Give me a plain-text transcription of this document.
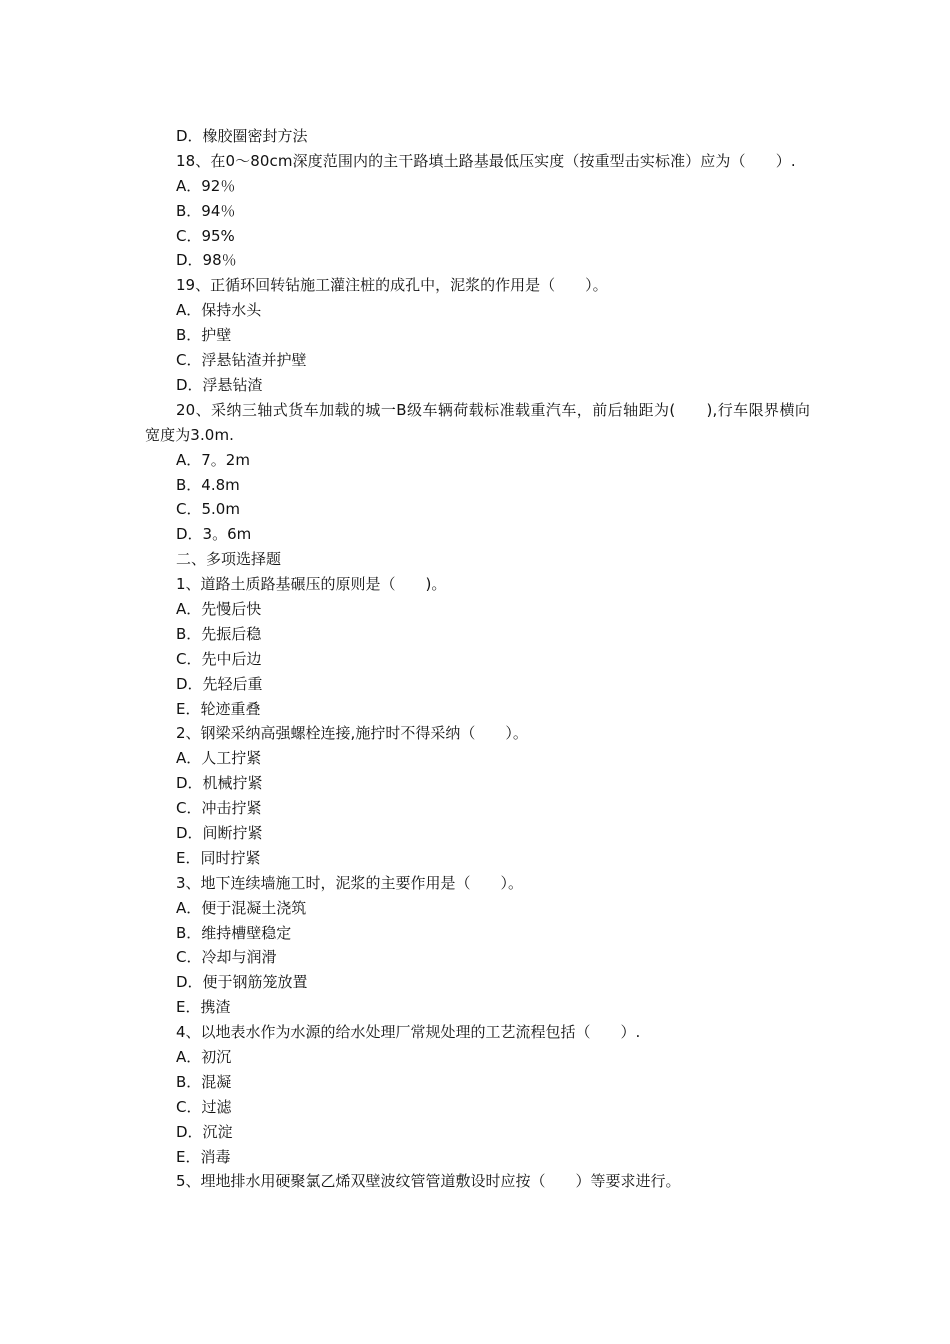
D．橡胶圈密封方法
18、在0～80cm深度范围内的主干路填土路基最低压实度（按重型击实标准）应为（　　）.
A．92％
B．94％
C．95%
D．98％
19、正循环回转钻施工灌注桩的成孔中，泥浆的作用是（　　）。
A．保持水头
B．护壁
C．浮悬钻渣并护壁
D．浮悬钻渣
20、采纳三轴式货车加载的城一B级车辆荷载标准载重汽车，前后轴距为(　　),行车限界横向宽度为3.0m.
A．7。2m
B．4.8m
C．5.0m
D．3。6m
二、多项选择题
1、道路土质路基碾压的原则是（　　)。
A．先慢后快
B．先振后稳
C．先中后边
D．先轻后重
E．轮迹重叠
2、钢梁采纳高强螺栓连接,施拧时不得采纳（　　）。
A．人工拧紧
D．机械拧紧
C．冲击拧紧
D．间断拧紧
E．同时拧紧
3、地下连续墙施工时，泥浆的主要作用是（　　）。
A．便于混凝土浇筑
B．维持槽壁稳定
C．冷却与润滑
D．便于钢筋笼放置
E．携渣
4、以地表水作为水源的给水处理厂常规处理的工艺流程包括（　　）.
A．初沉
B．混凝
C．过滤
D．沉淀
E．消毒
5、埋地排水用硬聚氯乙烯双壁波纹管管道敷设时应按（　　）等要求进行。
